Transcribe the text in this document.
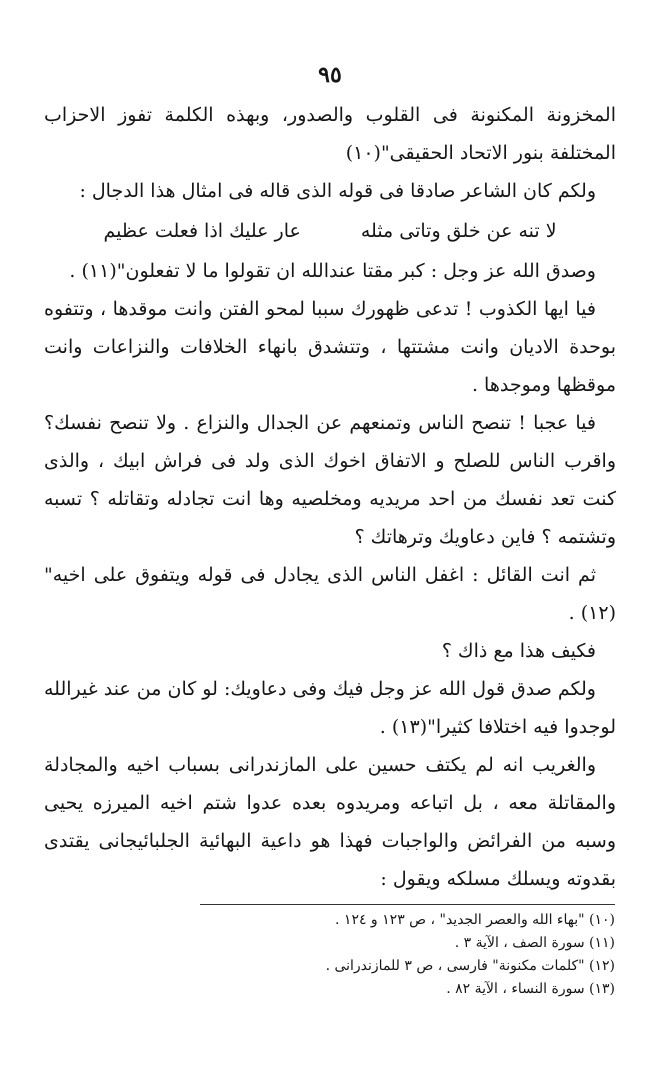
٩٥

المخزونة المكنونة فى القلوب والصدور، وبهذه الكلمة تفوز الاحزاب المختلفة بنور الاتحاد الحقيقى"(١٠)

ولكم كان الشاعر صادقا فى قوله الذى قاله فى امثال هذا الدجال :

لا تنه عن خلق وتاتى مثله
عار عليك اذا فعلت عظيم

وصدق الله عز وجل : كبر مقتا عندالله ان تقولوا ما لا تفعلون"(١١) .

فيا ايها الكذوب ! تدعى ظهورك سببا لمحو الفتن وانت موقدها ، وتتفوه بوحدة الاديان وانت مشتتها ، وتتشدق بانهاء الخلافات والنزاعات وانت موقظها وموجدها .

فيا عجبا ! تنصح الناس وتمنعهم عن الجدال والنزاع . ولا تنصح نفسك؟ واقرب الناس للصلح و الاتفاق اخوك الذى ولد فى فراش ابيك ، والذى كنت تعد نفسك من احد مريديه ومخلصيه وها انت تجادله وتقاتله ؟ تسبه وتشتمه ؟ فاين دعاويك وترهاتك ؟

ثم انت القائل : اغفل الناس الذى يجادل فى قوله ويتفوق على اخيه"(١٢) .

فكيف هذا مع ذاك ؟

ولكم صدق قول الله عز وجل فيك وفى دعاويك: لو كان من عند غيرالله لوجدوا فيه اختلافا كثيرا"(١٣) .

والغريب انه لم يكتف حسين على المازندرانى بسباب اخيه والمجادلة والمقاتلة معه ، بل اتباعه ومريدوه بعده عدوا شتم اخيه الميرزه يحيى وسبه من الفرائض والواجبات فهذا هو داعية البهائية الجلبائيجانى يقتدى بقدوته ويسلك مسلكه ويقول :

(١٠) "بهاء الله والعصر الجديد" ، ص ١٢٣ و ١٢٤ .

(١١) سورة الصف ، الآية ٣ .

(١٢) "كلمات مكنونة" فارسى ، ص ٣ للمازندرانى .

(١٣) سورة النساء ، الآية ٨٢ .
